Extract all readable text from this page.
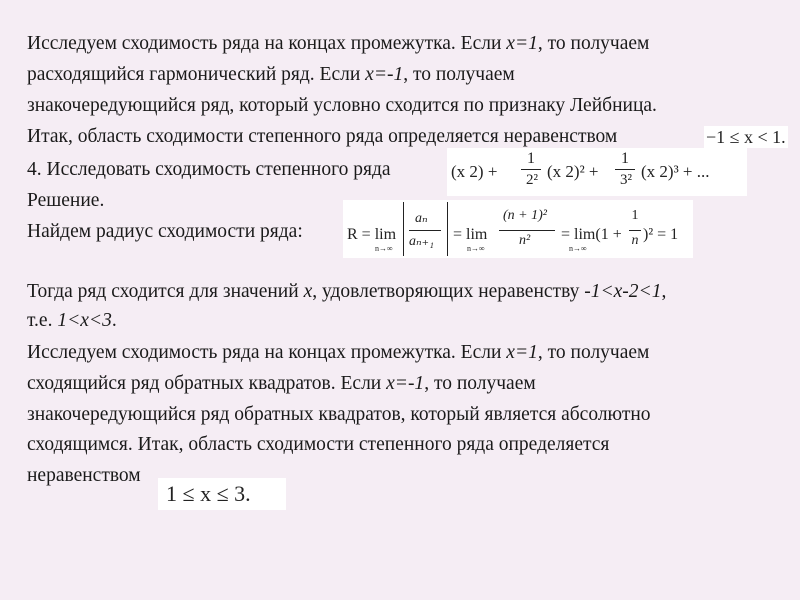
Исследуем сходимость ряда на концах промежутка. Если x=1, то получаем
расходящийся гармонический ряд. Если x=-1, то получаем
знакочередующийся ряд, который условно сходится по признаку Лейбница.
Итак, область сходимости степенного ряда определяется неравенством	−1 ≤ x < 1.
4. Исследовать сходимость степенного ряда	(x 2) +
1
2² (x 2)² +
1
3² (x 2)³ + ...
Решение.
Найдем радиус сходимости ряда:	R = lim
n→∞
aₙ
aₙ₊₁ = lim
n→∞
(n + 1)²
n² = lim(1 +
n→∞
1
n )² = 1
Тогда ряд сходится для значений x, удовлетворяющих неравенству -1<x-2<1,
т.е. 1<x<3.
Исследуем сходимость ряда на концах промежутка. Если x=1, то получаем
сходящийся ряд обратных квадратов. Если x=-1, то получаем
знакочередующийся ряд обратных квадратов, который является абсолютно
сходящимся. Итак, область сходимости степенного ряда определяется
неравенством
1 ≤ x ≤ 3.
